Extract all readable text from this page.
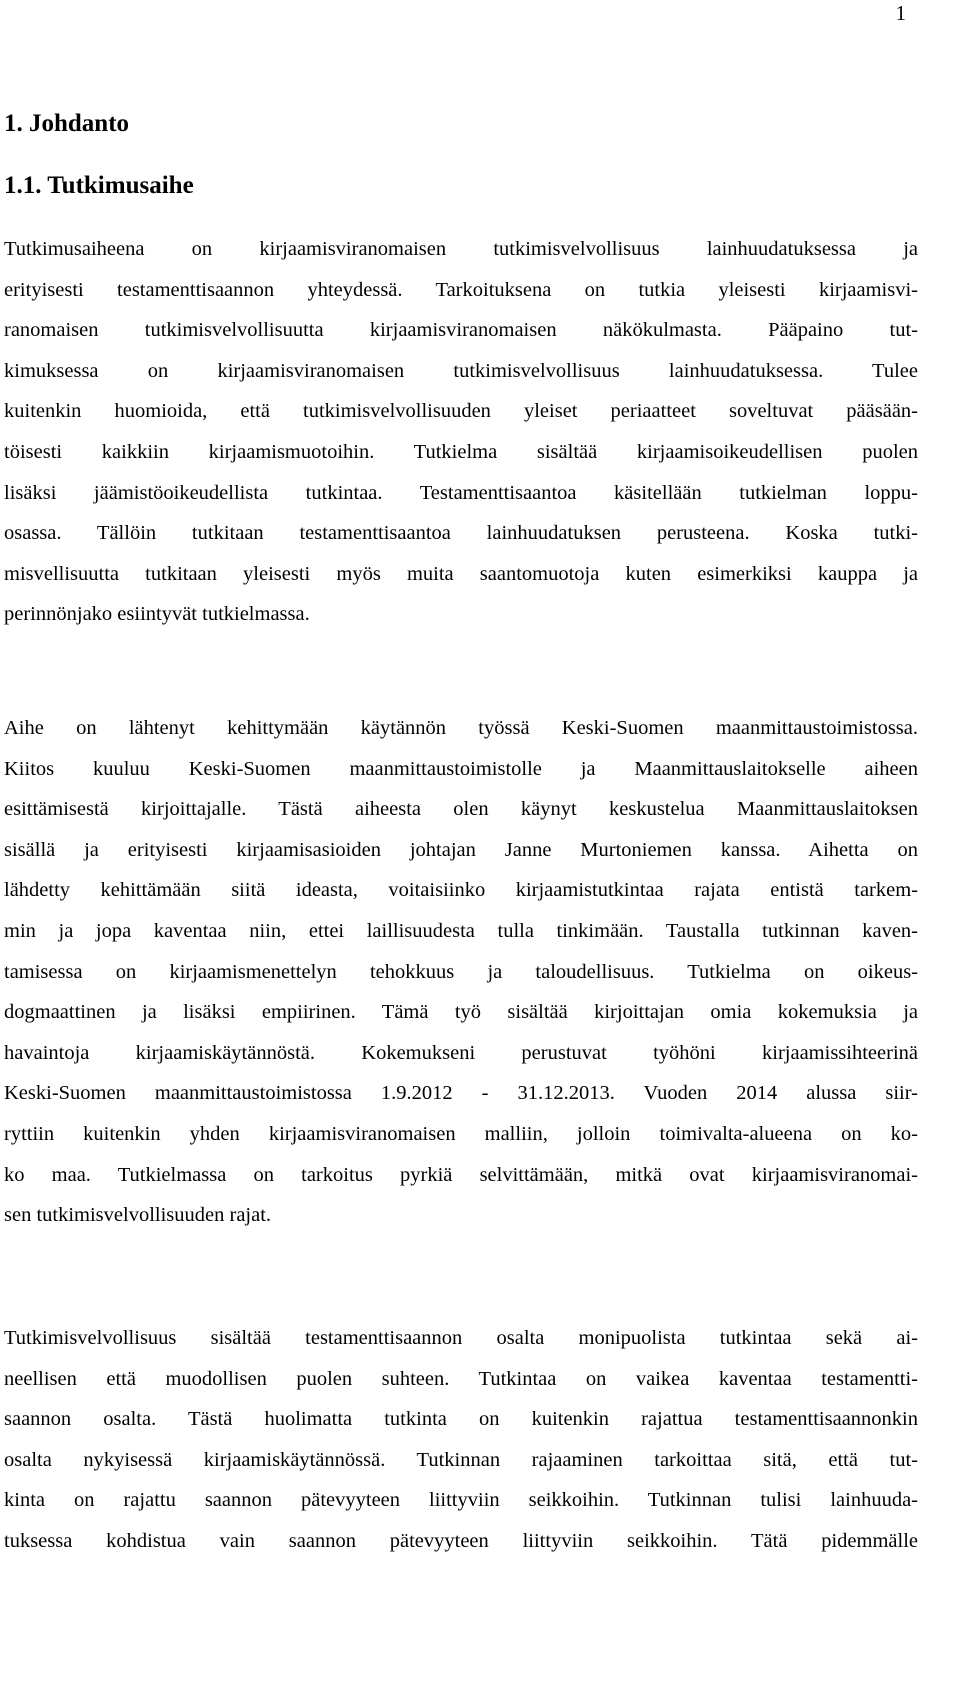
1
1. Johdanto
1.1. Tutkimusaihe

Tutkimusaiheena on kirjaamisviranomaisen tutkimisvelvollisuus lainhuudatuksessa ja
erityisesti testamenttisaannon yhteydessä. Tarkoituksena on tutkia yleisesti kirjaamisvi-
ranomaisen tutkimisvelvollisuutta kirjaamisviranomaisen näkökulmasta. Pääpaino tut-
kimuksessa on kirjaamisviranomaisen tutkimisvelvollisuus lainhuudatuksessa. Tulee
kuitenkin huomioida, että tutkimisvelvollisuuden yleiset periaatteet soveltuvat pääsään-
töisesti kaikkiin kirjaamismuotoihin. Tutkielma sisältää kirjaamisoikeudellisen puolen
lisäksi jäämistöoikeudellista tutkintaa. Testamenttisaantoa käsitellään tutkielman loppu-
osassa. Tällöin tutkitaan testamenttisaantoa lainhuudatuksen perusteena. Koska tutki-
misvellisuutta tutkitaan yleisesti myös muita saantomuotoja kuten esimerkiksi kauppa ja
perinnönjako esiintyvät tutkielmassa.

Aihe on lähtenyt kehittymään käytännön työssä Keski-Suomen maanmittaustoimistossa.
Kiitos kuuluu Keski-Suomen maanmittaustoimistolle ja Maanmittauslaitokselle aiheen
esittämisestä kirjoittajalle. Tästä aiheesta olen käynyt keskustelua Maanmittauslaitoksen
sisällä ja erityisesti kirjaamisasioiden johtajan Janne Murtoniemen kanssa. Aihetta on
lähdetty kehittämään siitä ideasta, voitaisiinko kirjaamistutkintaa rajata entistä tarkem-
min ja jopa kaventaa niin, ettei laillisuudesta tulla tinkimään. Taustalla tutkinnan kaven-
tamisessa on kirjaamismenettelyn tehokkuus ja taloudellisuus. Tutkielma on oikeus-
dogmaattinen ja lisäksi empiirinen. Tämä työ sisältää kirjoittajan omia kokemuksia ja
havaintoja kirjaamiskäytännöstä. Kokemukseni perustuvat työhöni kirjaamissihteerinä
Keski-Suomen maanmittaustoimistossa 1.9.2012 - 31.12.2013. Vuoden 2014 alussa siir-
ryttiin kuitenkin yhden kirjaamisviranomaisen malliin, jolloin toimivalta-alueena on ko-
ko maa. Tutkielmassa on tarkoitus pyrkiä selvittämään, mitkä ovat kirjaamisviranomai-
sen tutkimisvelvollisuuden rajat.

Tutkimisvelvollisuus sisältää testamenttisaannon osalta monipuolista tutkintaa sekä ai-
neellisen että muodollisen puolen suhteen. Tutkintaa on vaikea kaventaa testamentti-
saannon osalta. Tästä huolimatta tutkinta on kuitenkin rajattua testamenttisaannonkin
osalta nykyisessä kirjaamiskäytännössä. Tutkinnan rajaaminen tarkoittaa sitä, että tut-
kinta on rajattu saannon pätevyyteen liittyviin seikkoihin. Tutkinnan tulisi lainhuuda-
tuksessa kohdistua vain saannon pätevyyteen liittyviin seikkoihin. Tätä pidemmälle
